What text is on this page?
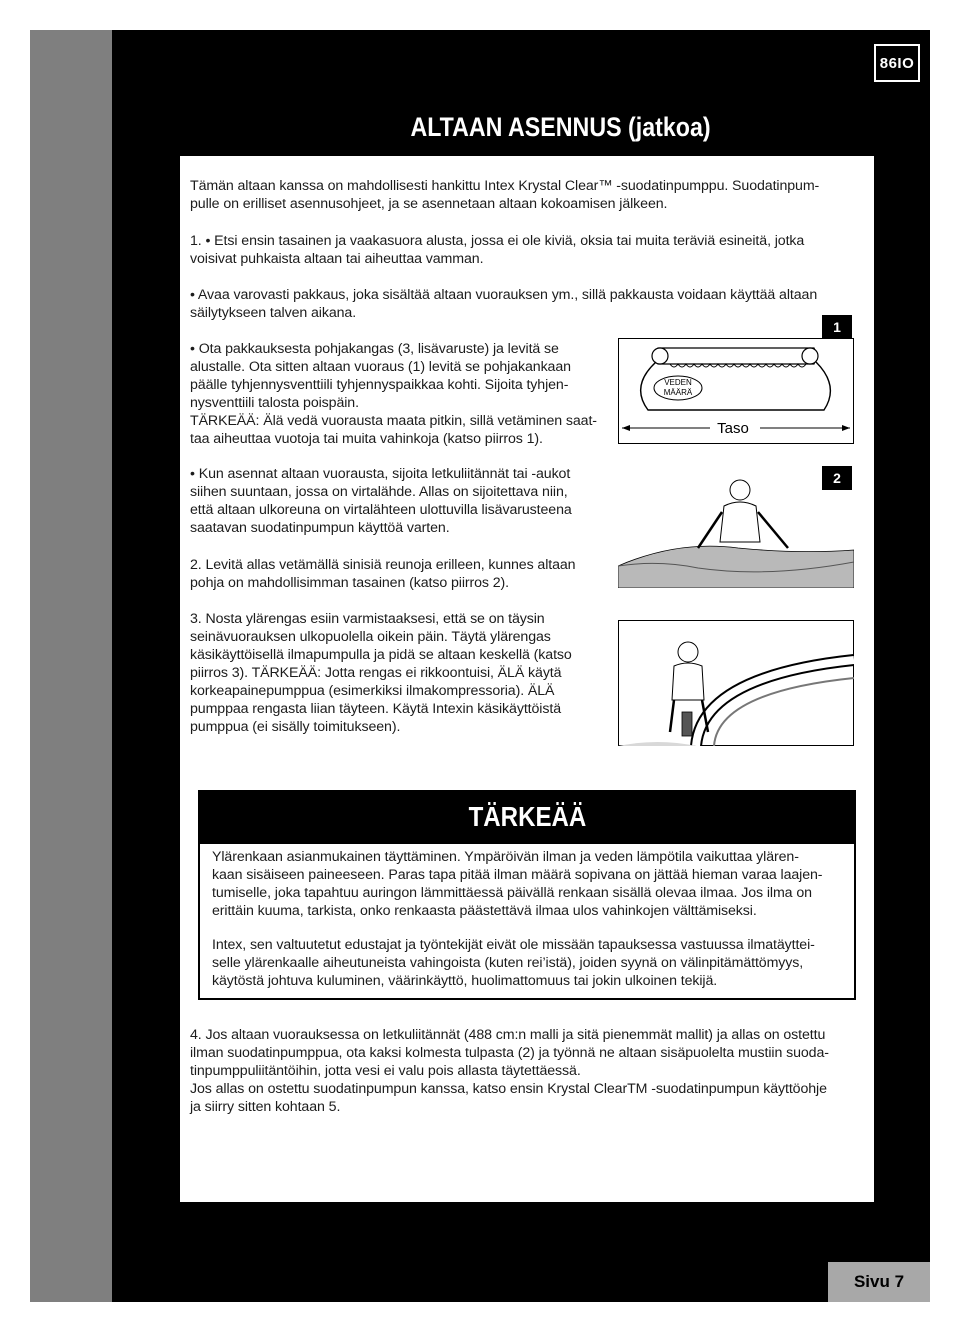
86IO
ALTAAN ASENNUS (jatkoa)

Tämän altaan kanssa on mahdollisesti hankittu Intex Krystal Clear™ -suodatinpumppu. Suodatinpum-

pulle on erilliset asennusohjeet, ja se asennetaan altaan kokoamisen jälkeen.

1. • Etsi ensin tasainen ja vaakasuora alusta, jossa ei ole kiviä, oksia tai muita teräviä esineitä, jotka

voisivat puhkaista altaan tai aiheuttaa vamman.

• Avaa varovasti pakkaus, joka sisältää altaan vuorauksen ym., sillä pakkausta voidaan käyttää altaan

säilytykseen talven aikana.

• Ota pakkauksesta pohjakangas (3, lisävaruste) ja levitä se

alustalle. Ota sitten altaan vuoraus (1) levitä se pohjakankaan

päälle tyhjennysventtiili tyhjennyspaikkaa kohti. Sijoita tyhjen-

nysventtiili talosta poispäin.

TÄRKEÄÄ: Älä vedä vuorausta maata pitkin, sillä vetäminen saat-

taa aiheuttaa vuotoja tai muita vahinkoja (katso piirros 1).

1
VEDEN
MÄÄRÄ
Taso

• Kun asennat altaan vuorausta, sijoita letkuliitännät tai -aukot

siihen suuntaan, jossa on virtalähde. Allas on sijoitettava niin,

että altaan ulkoreuna on virtalähteen ulottuvilla lisävarusteena

saatavan suodatinpumpun käyttöä varten.

2

2. Levitä allas vetämällä sinisiä reunoja erilleen, kunnes altaan

pohja on mahdollisimman tasainen (katso piirros 2).

3. Nosta ylärengas esiin varmistaaksesi, että se on täysin

seinävuorauksen ulkopuolella oikein päin. Täytä ylärengas

käsikäyttöisellä ilmapumpulla ja pidä se altaan keskellä (katso

piirros 3). TÄRKEÄÄ: Jotta rengas ei rikkoontuisi, ÄLÄ käytä

korkeapainepumppua (esimerkiksi ilmakompressoria). ÄLÄ

pumppaa rengasta liian täyteen. Käytä Intexin käsikäyttöistä

pumppua (ei sisälly toimitukseen).

TÄRKEÄÄ

Ylärenkaan asianmukainen täyttäminen. Ympäröivän ilman ja veden lämpötila vaikuttaa ylären-

kaan sisäiseen paineeseen. Paras tapa pitää ilman määrä sopivana on jättää hieman varaa laajen-

tumiselle, joka tapahtuu auringon lämmittäessä päivällä renkaan sisällä olevaa ilmaa. Jos ilma on

erittäin kuuma, tarkista, onko renkaasta päästettävä ilmaa ulos vahinkojen välttämiseksi.

Intex, sen valtuutetut edustajat ja työntekijät eivät ole missään tapauksessa vastuussa ilmatäyttei-

selle ylärenkaalle aiheutuneista vahingoista (kuten rei’istä), joiden syynä on välinpitämättömyys,

käytöstä johtuva kuluminen, väärinkäyttö, huolimattomuus tai jokin ulkoinen tekijä.

4. Jos altaan vuorauksessa on letkuliitännät (488 cm:n malli ja sitä pienemmät mallit) ja allas on ostettu

ilman suodatinpumppua, ota kaksi kolmesta tulpasta (2) ja työnnä ne altaan sisäpuolelta mustiin suoda-

tinpumppuliitäntöihin, jotta vesi ei valu pois allasta täytettäessä.

Jos allas on ostettu suodatinpumpun kanssa, katso ensin Krystal ClearTM -suodatinpumpun käyttöohje

ja siirry sitten kohtaan 5.

Sivu 7
